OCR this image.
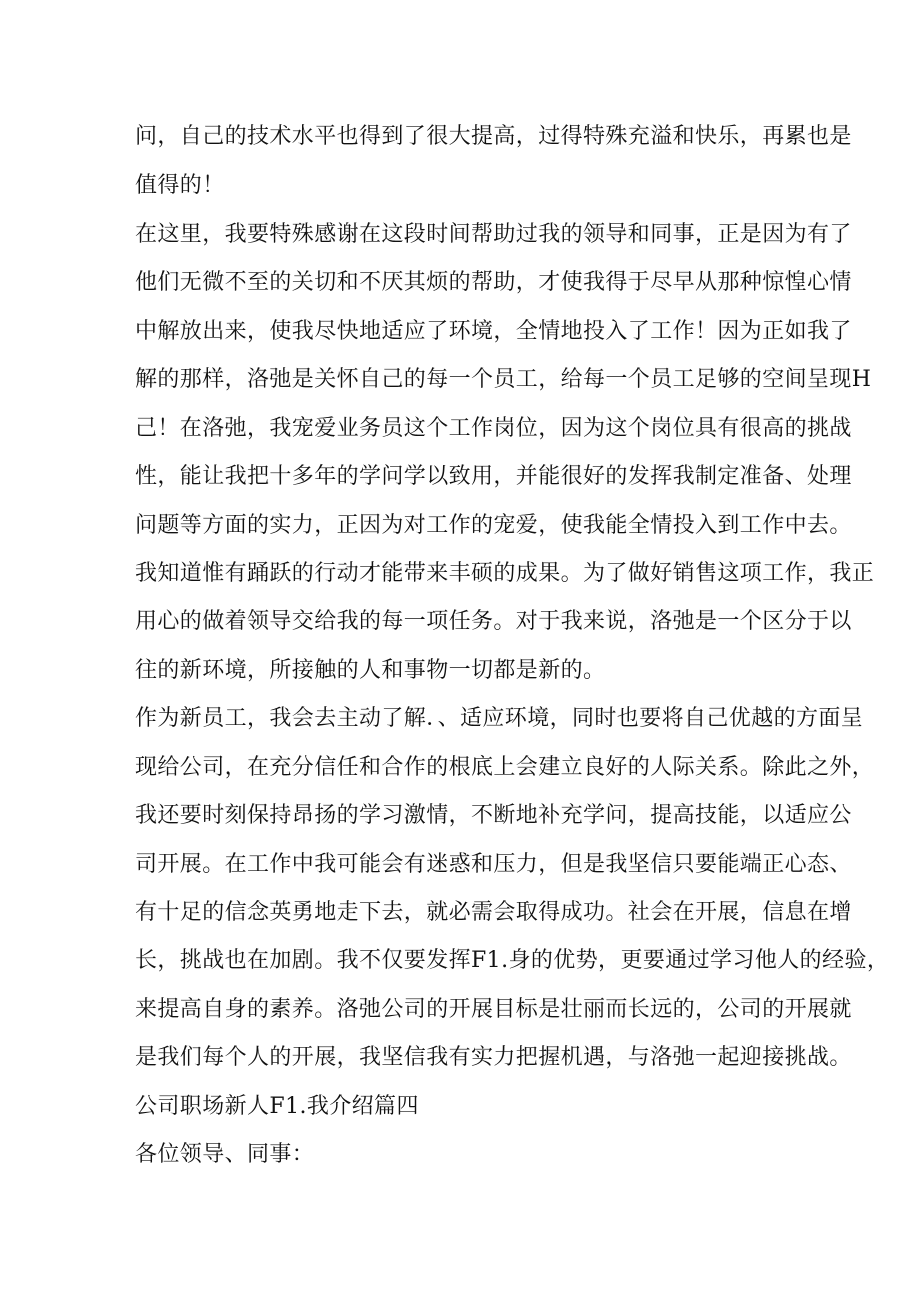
问，自己的技术水平也得到了很大提高，过得特殊充溢和快乐，再累也是
值得的！
在这里，我要特殊感谢在这段时间帮助过我的领导和同事，正是因为有了
他们无微不至的关切和不厌其烦的帮助，才使我得于尽早从那种惊惶心情
中解放出来，使我尽快地适应了环境，全情地投入了工作！因为正如我了
解的那样，洛弛是关怀自己的每一个员工，给每一个员工足够的空间呈现H
己！在洛弛，我宠爱业务员这个工作岗位，因为这个岗位具有很高的挑战
性，能让我把十多年的学问学以致用，并能很好的发挥我制定准备、处理
问题等方面的实力，正因为对工作的宠爱，使我能全情投入到工作中去。
我知道惟有踊跃的行动才能带来丰硕的成果。为了做好销售这项工作，我正
用心的做着领导交给我的每一项任务。对于我来说，洛弛是一个区分于以
往的新环境，所接触的人和事物一切都是新的。
作为新员工，我会去主动了解．、适应环境，同时也要将自己优越的方面呈
现给公司，在充分信任和合作的根底上会建立良好的人际关系。除此之外，
我还要时刻保持昂扬的学习激情，不断地补充学问，提高技能，以适应公
司开展。在工作中我可能会有迷惑和压力，但是我坚信只要能端正心态、
有十足的信念英勇地走下去，就必需会取得成功。社会在开展，信息在增
长，挑战也在加剧。我不仅要发挥F1.身的优势，更要通过学习他人的经验，
来提高自身的素养。洛弛公司的开展目标是壮丽而长远的，公司的开展就
是我们每个人的开展，我坚信我有实力把握机遇，与洛弛一起迎接挑战。
公司职场新人F1.我介绍篇四
各位领导、同事：
